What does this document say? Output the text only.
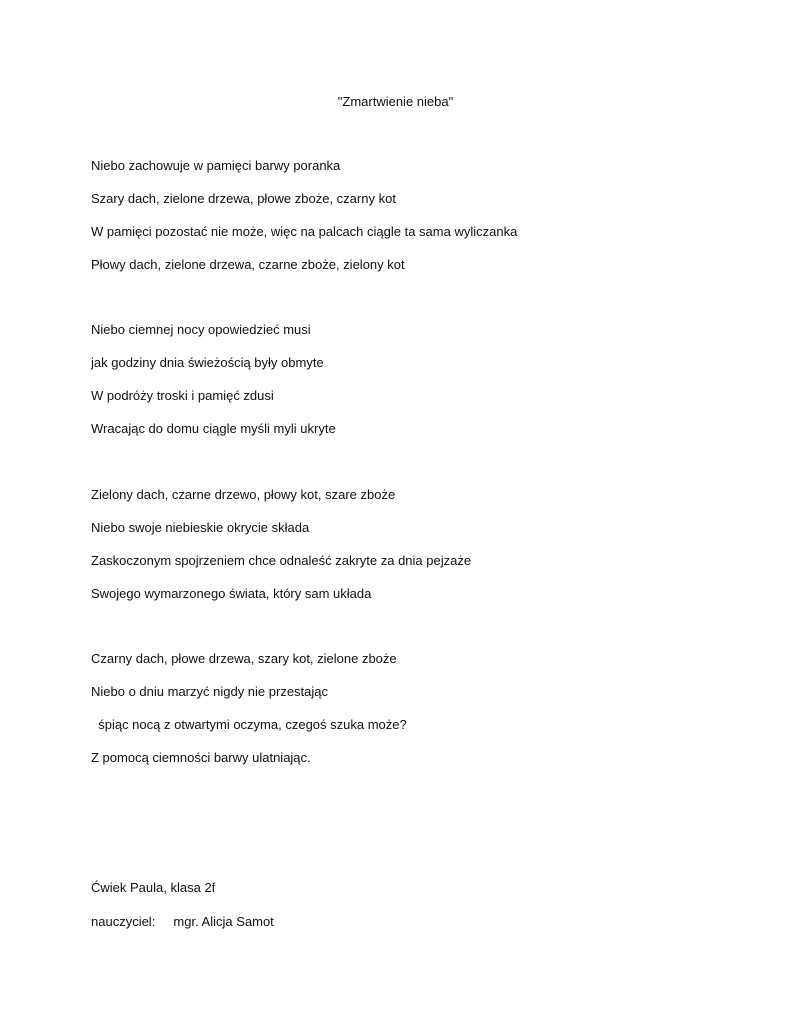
"Zmartwienie nieba"
Niebo zachowuje w pamięci barwy poranka
Szary dach, zielone drzewa, płowe zboże, czarny kot
W pamięci pozostać nie może, więc na palcach ciągle ta sama wyliczanka
Płowy dach, zielone drzewa, czarne zboże, zielony kot
Niebo ciemnej nocy opowiedzieć musi
jak godziny dnia świeżością były obmyte
W podróży troski i pamięć zdusi
Wracając do domu ciągle myśli myli ukryte
Zielony dach, czarne drzewo, płowy kot, szare zboże
Niebo swoje niebieskie okrycie składa
Zaskoczonym spojrzeniem chce odnaleść zakryte za dnia pejzaże
Swojego wymarzonego świata, który sam układa
Czarny dach, płowe drzewa, szary kot, zielone zboże
Niebo o dniu marzyć nigdy nie przestając
śpiąc nocą z otwartymi oczyma, czegoś szuka może?
Z pomocą ciemności barwy ulatniając.
Ćwiek Paula, klasa 2f
nauczyciel:     mgr. Alicja Samot
